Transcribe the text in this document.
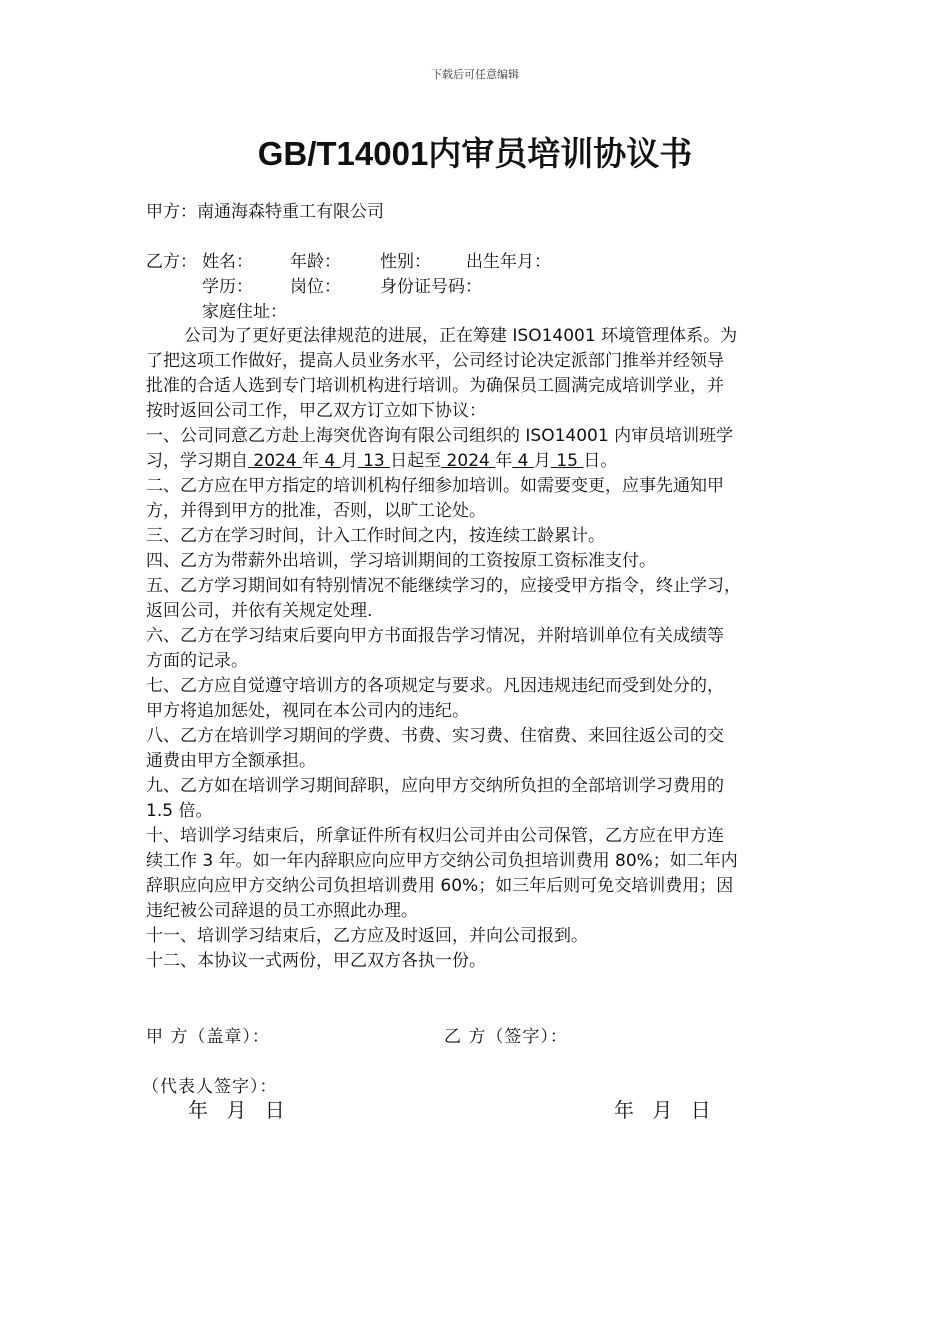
下载后可任意编辑
GB/T14001内审员培训协议书
甲方：南通海森特重工有限公司
乙方： 姓名： 年龄： 性别： 出生年月：
学历： 岗位： 身份证号码：
家庭住址：
公司为了更好更法律规范的进展，正在筹建 ISO14001 环境管理体系。为
了把这项工作做好，提高人员业务水平，公司经讨论决定派部门推举并经领导
批准的合适人选到专门培训机构进行培训。为确保员工圆满完成培训学业，并
按时返回公司工作，甲乙双方订立如下协议：
一、公司同意乙方赴上海突优咨询有限公司组织的 ISO14001 内审员培训班学
习，学习期自 2024 年 4 月 13 日起至 2024 年 4 月 15 日。
二、乙方应在甲方指定的培训机构仔细参加培训。如需要变更，应事先通知甲
方，并得到甲方的批准，否则，以旷工论处。
三、乙方在学习时间，计入工作时间之内，按连续工龄累计。
四、乙方为带薪外出培训，学习培训期间的工资按原工资标准支付。
五、乙方学习期间如有特别情况不能继续学习的，应接受甲方指令，终止学习，
返回公司，并依有关规定处理.
六、乙方在学习结束后要向甲方书面报告学习情况，并附培训单位有关成绩等
方面的记录。
七、乙方应自觉遵守培训方的各项规定与要求。凡因违规违纪而受到处分的，
甲方将追加惩处，视同在本公司内的违纪。
八、乙方在培训学习期间的学费、书费、实习费、住宿费、来回往返公司的交
通费由甲方全额承担。
九、乙方如在培训学习期间辞职，应向甲方交纳所负担的全部培训学习费用的
1.5 倍。
十、培训学习结束后，所拿证件所有权归公司并由公司保管，乙方应在甲方连
续工作 3 年。如一年内辞职应向应甲方交纳公司负担培训费用 80%；如二年内
辞职应向应甲方交纳公司负担培训费用 60%；如三年后则可免交培训费用；因
违纪被公司辞退的员工亦照此办理。
十一、培训学习结束后，乙方应及时返回，并向公司报到。
十二、本协议一式两份，甲乙双方各执一份。
甲 方（盖章）：	乙 方（签字）：
（代表人签字）：
年 月 日	年 月 日
